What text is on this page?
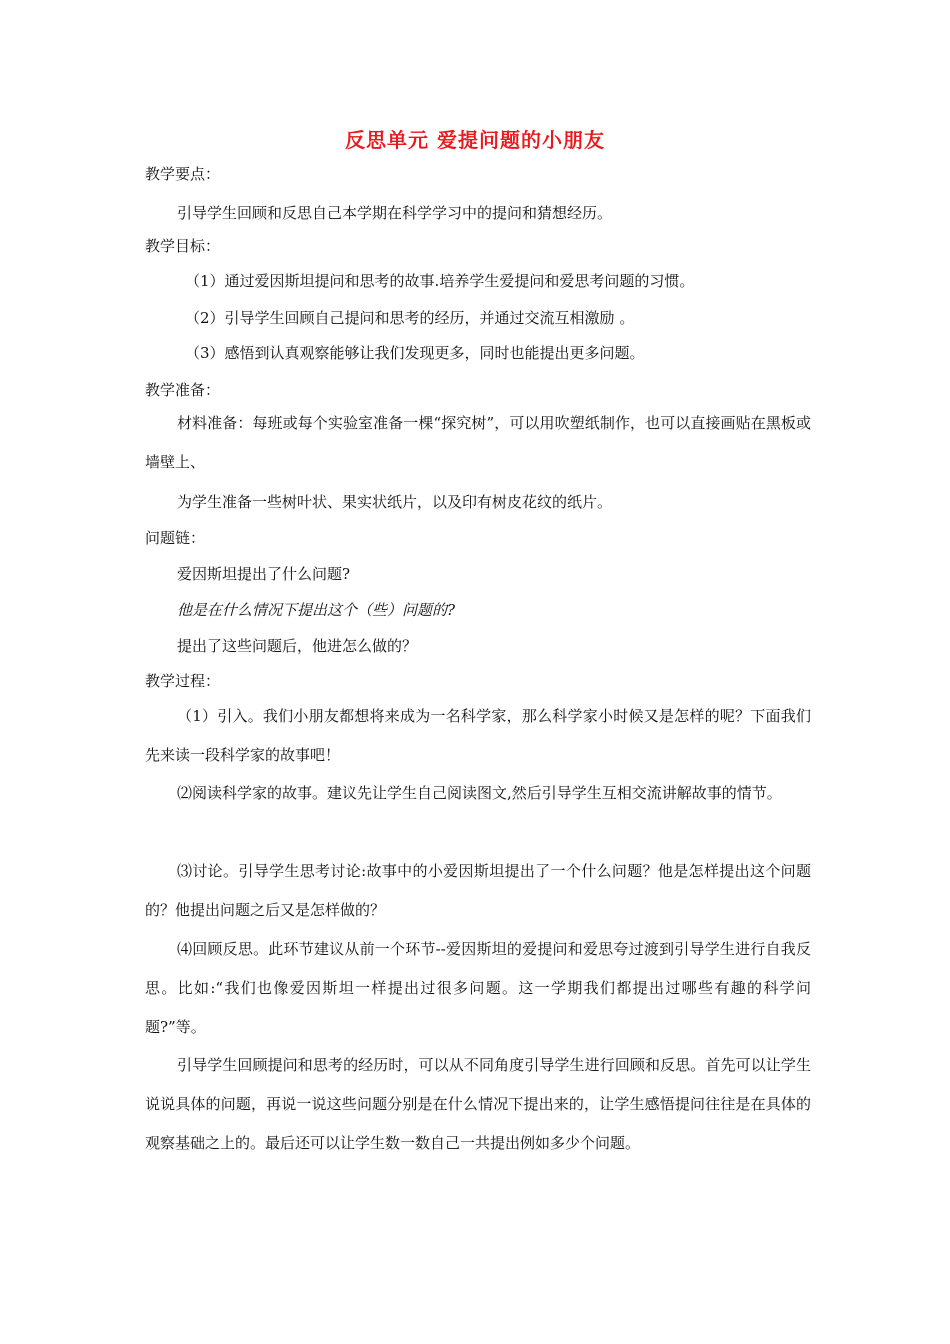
反思单元 爱提问题的小朋友
教学要点：
引导学生回顾和反思自己本学期在科学学习中的提问和猜想经历。
教学目标：
（1）通过爱因斯坦提问和思考的故事.培养学生爱提问和爱思考问题的习惯。
（2）引导学生回顾自己提问和思考的经历，并通过交流互相激励 。
（3）感悟到认真观察能够让我们发现更多，同时也能提出更多问题。
教学准备：
材料准备：每班或每个实验室准备一棵“探究树”，可以用吹塑纸制作，也可以直接画贴在黑板或墙壁上、
为学生准备一些树叶状、果实状纸片，以及印有树皮花纹的纸片。
问题链：
爱因斯坦提出了什么问题?
他是在什么情况下提出这个（些）问题的?
提出了这些问题后，他进怎么做的？
教学过程：
（1）引入。我们小朋友都想将来成为一名科学家，那么科学家小时候又是怎样的呢？下面我们先来读一段科学家的故事吧！
⑵阅读科学家的故事。建议先让学生自己阅读图文,然后引导学生互相交流讲解故事的情节。
⑶讨论。引导学生思考讨论:故事中的小爱因斯坦提出了一个什么问题？他是怎样提出这个问题的？他提出问题之后又是怎样做的？
⑷回顾反思。此环节建议从前一个环节--爱因斯坦的爱提问和爱思夸过渡到引导学生进行自我反思。比如:“我们也像爱因斯坦一样提出过很多问题。这一学期我们都提出过哪些有趣的科学问题?”等。
引导学生回顾提问和思考的经历时，可以从不同角度引导学生进行回顾和反思。首先可以让学生说说具体的问题，再说一说这些问题分别是在什么情况下提出来的，让学生感悟提问往往是在具体的观察基础之上的。最后还可以让学生数一数自己一共提出例如多少个问题。
